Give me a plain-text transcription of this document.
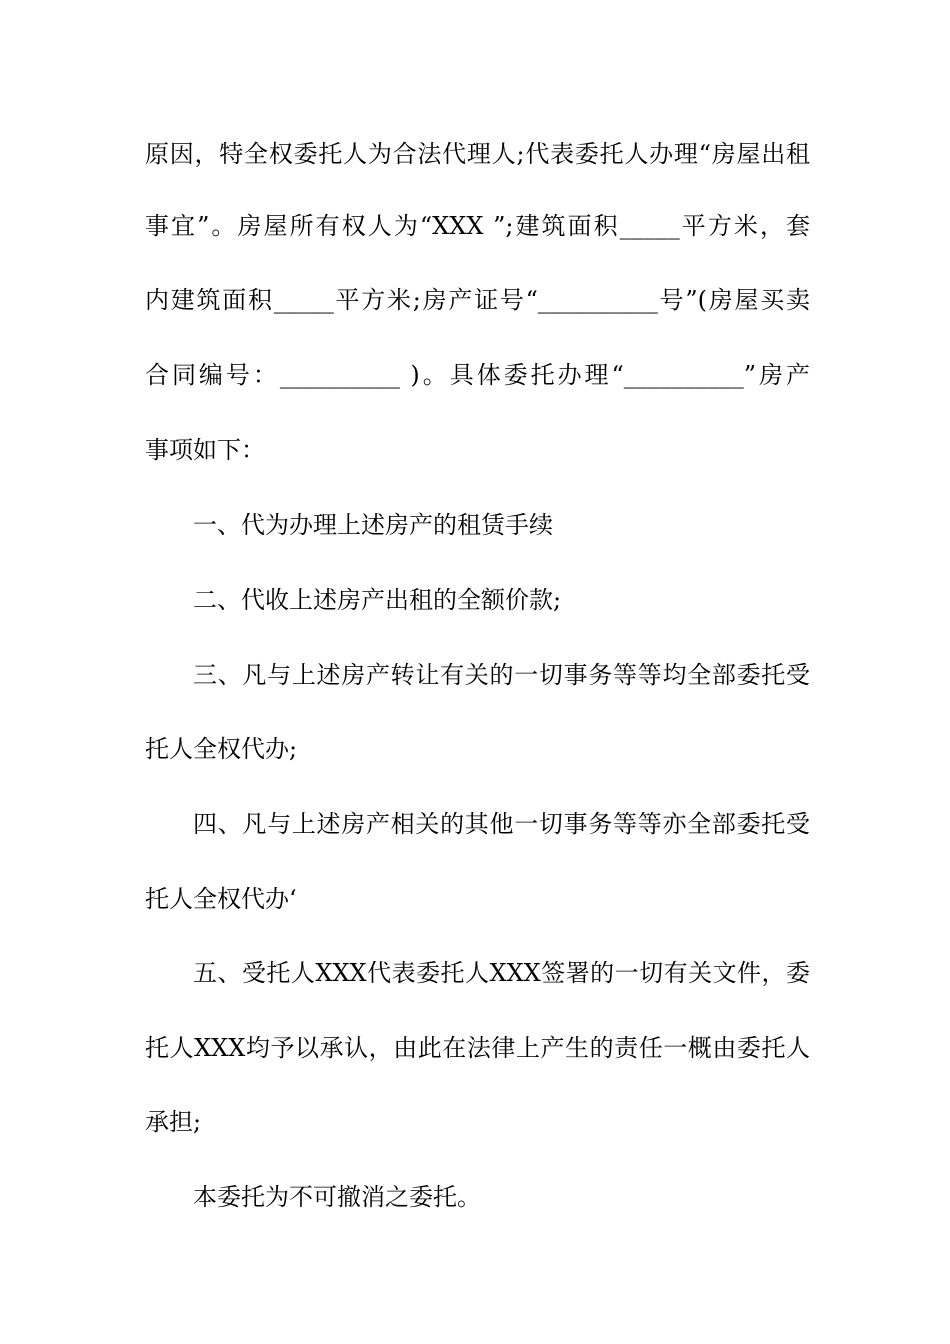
原因，特全权委托人为合法代理人;代表委托人办理“房屋出租
事宜”。房屋所有权人为“XXX ”;建筑面积_____平方米，套
内建筑面积_____平方米;房产证号“__________号”(房屋买卖
合同编号：__________ )。具体委托办理“__________”房产
事项如下：
一、代为办理上述房产的租赁手续
二、代收上述房产出租的全额价款;
三、凡与上述房产转让有关的一切事务等等均全部委托受
托人全权代办;
四、凡与上述房产相关的其他一切事务等等亦全部委托受
托人全权代办‘
五、受托人XXX代表委托人XXX签署的一切有关文件，委
托人XXX均予以承认，由此在法律上产生的责任一概由委托人
承担;
本委托为不可撤消之委托。
